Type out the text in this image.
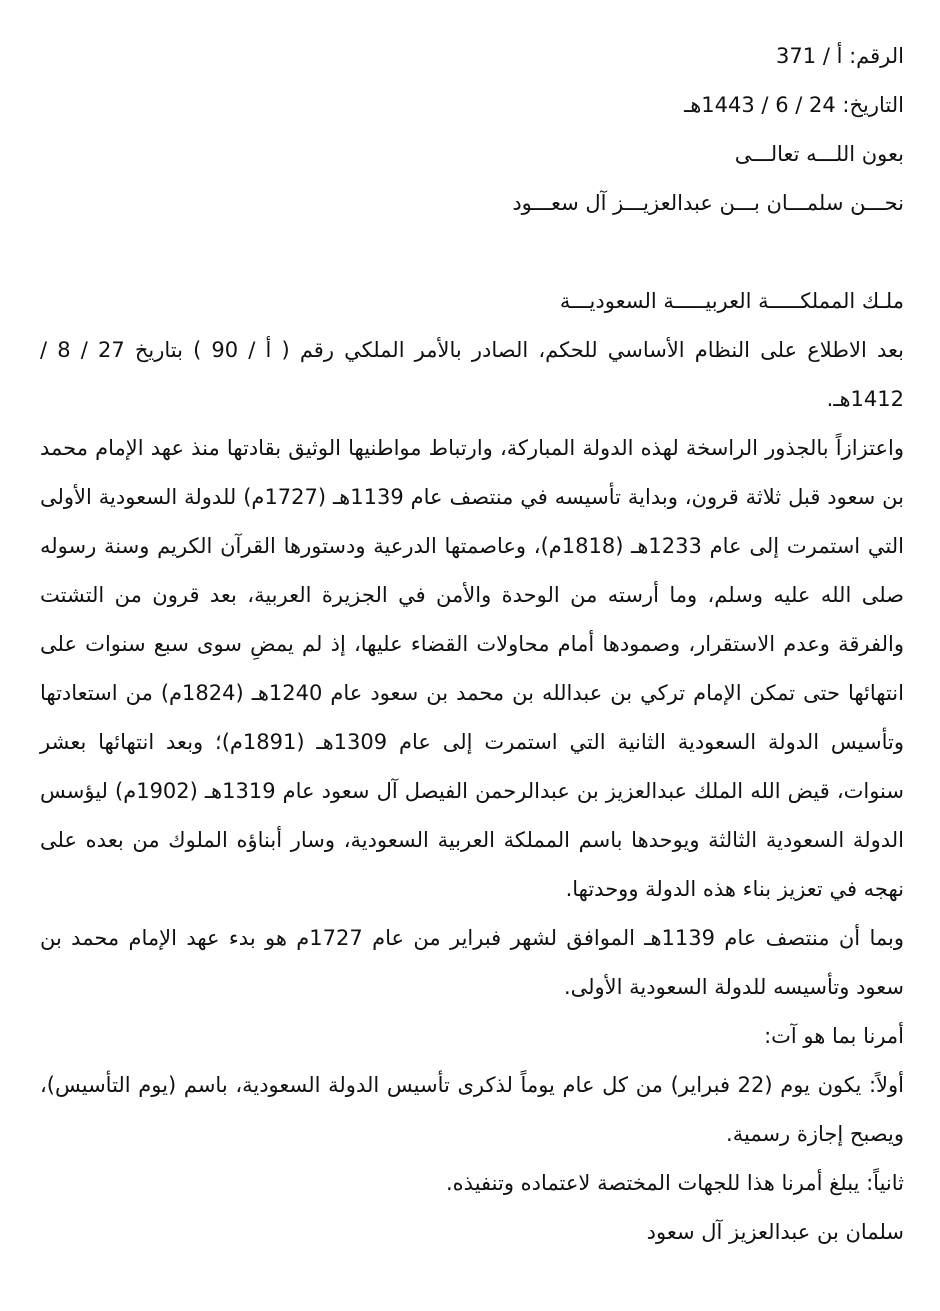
الرقم: أ / 371

التاريخ: 24 / 6 / 1443هـ

بعون اللـــه تعالـــى

نحـــن سلمـــان بـــن عبدالعزيـــز آل سعـــود

ملـك المملكـــــة العربيـــــة السعوديـــة

بعد الاطلاع على النظام الأساسي للحكم، الصادر بالأمر الملكي رقم ( أ / 90 ) بتاريخ 27 / 8 / 1412هـ.

واعتزازاً بالجذور الراسخة لهذه الدولة المباركة، وارتباط مواطنيها الوثيق بقادتها منذ عهد الإمام محمد بن سعود قبل ثلاثة قرون، وبداية تأسيسه في منتصف عام 1139هـ (1727م) للدولة السعودية الأولى التي استمرت إلى عام 1233هـ (1818م)، وعاصمتها الدرعية ودستورها القرآن الكريم وسنة رسوله صلى الله عليه وسلم، وما أرسته من الوحدة والأمن في الجزيرة العربية، بعد قرون من التشتت والفرقة وعدم الاستقرار، وصمودها أمام محاولات القضاء عليها، إذ لم يمضِ سوى سبع سنوات على انتهائها حتى تمكن الإمام تركي بن عبدالله بن محمد بن سعود عام 1240هـ (1824م) من استعادتها وتأسيس الدولة السعودية الثانية التي استمرت إلى عام 1309هـ (1891م)؛ وبعد انتهائها بعشر سنوات، قيض الله الملك عبدالعزيز بن عبدالرحمن الفيصل آل سعود عام 1319هـ (1902م) ليؤسس الدولة السعودية الثالثة ويوحدها باسم المملكة العربية السعودية، وسار أبناؤه الملوك من بعده على نهجه في تعزيز بناء هذه الدولة ووحدتها.

وبما أن منتصف عام 1139هـ الموافق لشهر فبراير من عام 1727م هو بدء عهد الإمام محمد بن سعود وتأسيسه للدولة السعودية الأولى.

أمرنا بما هو آت:

أولاً: يكون يوم (22 فبراير) من كل عام يوماً لذكرى تأسيس الدولة السعودية، باسم (يوم التأسيس)، ويصبح إجازة رسمية.

ثانياً: يبلغ أمرنا هذا للجهات المختصة لاعتماده وتنفيذه.

سلمان بن عبدالعزيز آل سعود
